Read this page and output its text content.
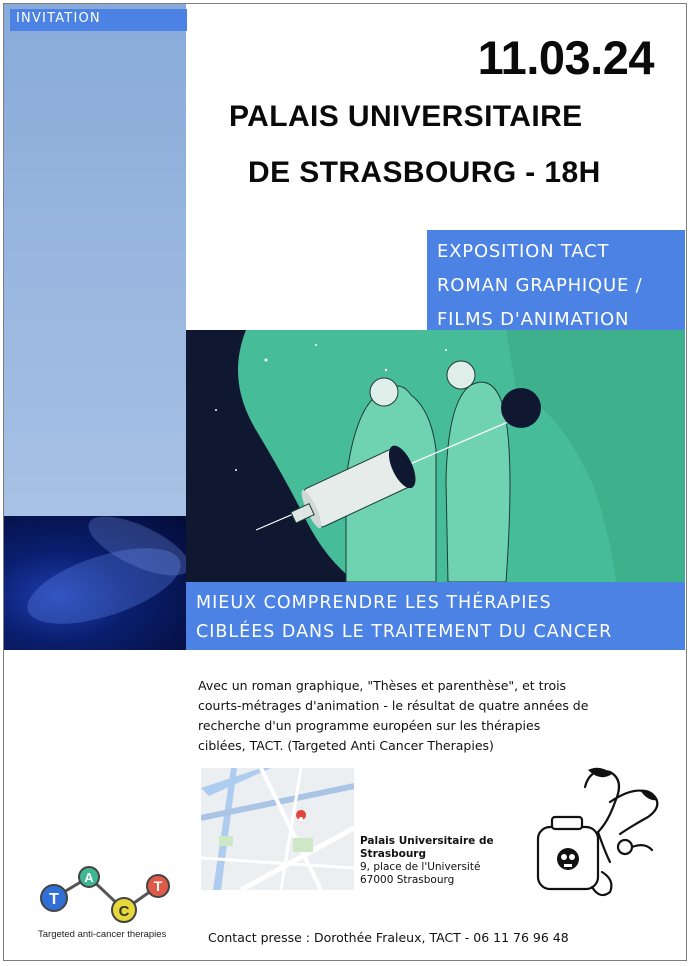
INVITATION
11.03.24
PALAIS UNIVERSITAIRE
DE STRASBOURG - 18H
EXPOSITION TACT
ROMAN GRAPHIQUE /
FILMS D'ANIMATION
MIEUX COMPRENDRE LES THÉRAPIES
CIBLÉES DANS LE TRAITEMENT DU CANCER

Avec un roman graphique, "Thèses et parenthèse", et trois

courts-métrages d'animation - le résultat de quatre années de

recherche d'un programme européen sur les thérapies

ciblées, TACT. (Targeted Anti Cancer Therapies)

Palais Universitaire de
Strasbourg
9, place de l'Université
67000 Strasbourg
T
A
C
T
Targeted anti-cancer therapies	Contact presse : Dorothée Fraleux, TACT - 06 11 76 96 48
